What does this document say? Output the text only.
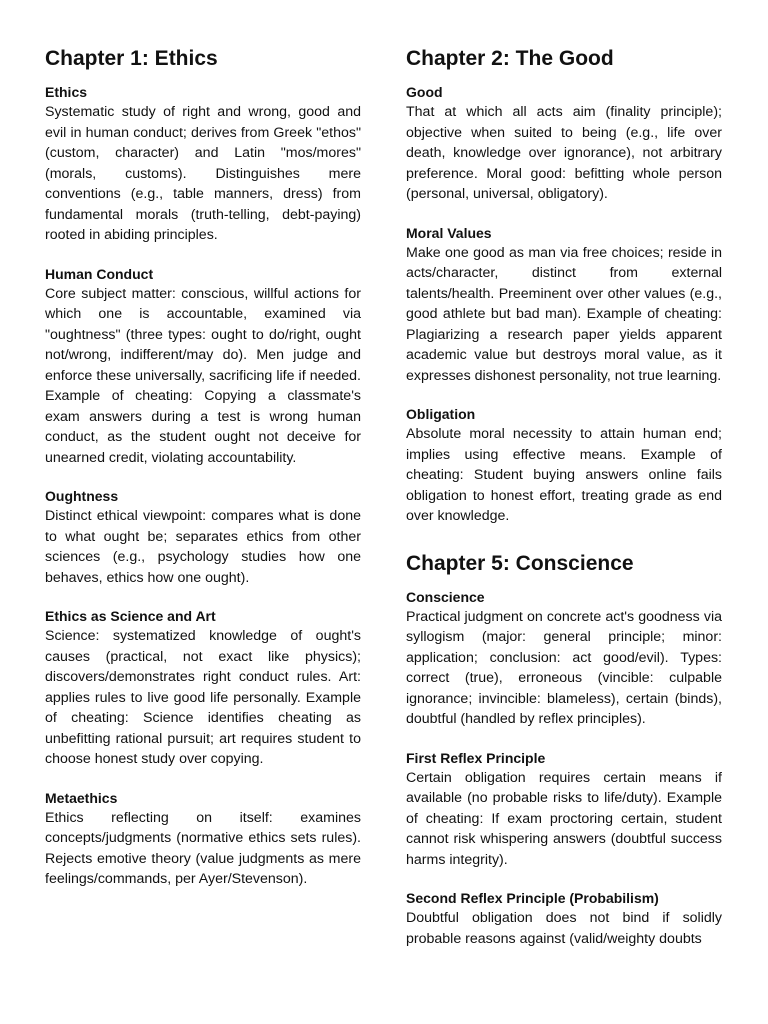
Chapter 1: Ethics
Ethics

Systematic study of right and wrong, good and evil in human conduct; derives from Greek "ethos" (custom, character) and Latin "mos/mores" (morals, customs). Distinguishes mere conventions (e.g., table manners, dress) from fundamental morals (truth-telling, debt-paying) rooted in abiding principles.

Human Conduct

Core subject matter: conscious, willful actions for which one is accountable, examined via "oughtness" (three types: ought to do/right, ought not/wrong, indifferent/may do). Men judge and enforce these universally, sacrificing life if needed. Example of cheating: Copying a classmate's exam answers during a test is wrong human conduct, as the student ought not deceive for unearned credit, violating accountability.

Oughtness

Distinct ethical viewpoint: compares what is done to what ought be; separates ethics from other sciences (e.g., psychology studies how one behaves, ethics how one ought).

Ethics as Science and Art

Science: systematized knowledge of ought's causes (practical, not exact like physics); discovers/demonstrates right conduct rules. Art: applies rules to live good life personally. Example of cheating: Science identifies cheating as unbefitting rational pursuit; art requires student to choose honest study over copying.

Metaethics

Ethics reflecting on itself: examines concepts/judgments (normative ethics sets rules). Rejects emotive theory (value judgments as mere feelings/commands, per Ayer/Stevenson).

Chapter 2: The Good
Good

That at which all acts aim (finality principle); objective when suited to being (e.g., life over death, knowledge over ignorance), not arbitrary preference. Moral good: befitting whole person (personal, universal, obligatory).

Moral Values

Make one good as man via free choices; reside in acts/character, distinct from external talents/health. Preeminent over other values (e.g., good athlete but bad man). Example of cheating: Plagiarizing a research paper yields apparent academic value but destroys moral value, as it expresses dishonest personality, not true learning.

Obligation

Absolute moral necessity to attain human end; implies using effective means. Example of cheating: Student buying answers online fails obligation to honest effort, treating grade as end over knowledge.

Chapter 5: Conscience
Conscience

Practical judgment on concrete act's goodness via syllogism (major: general principle; minor: application; conclusion: act good/evil). Types: correct (true), erroneous (vincible: culpable ignorance; invincible: blameless), certain (binds), doubtful (handled by reflex principles).

First Reflex Principle

Certain obligation requires certain means if available (no probable risks to life/duty). Example of cheating: If exam proctoring certain, student cannot risk whispering answers (doubtful success harms integrity).

Second Reflex Principle (Probabilism)

Doubtful obligation does not bind if solidly probable reasons against (valid/weighty doubts
